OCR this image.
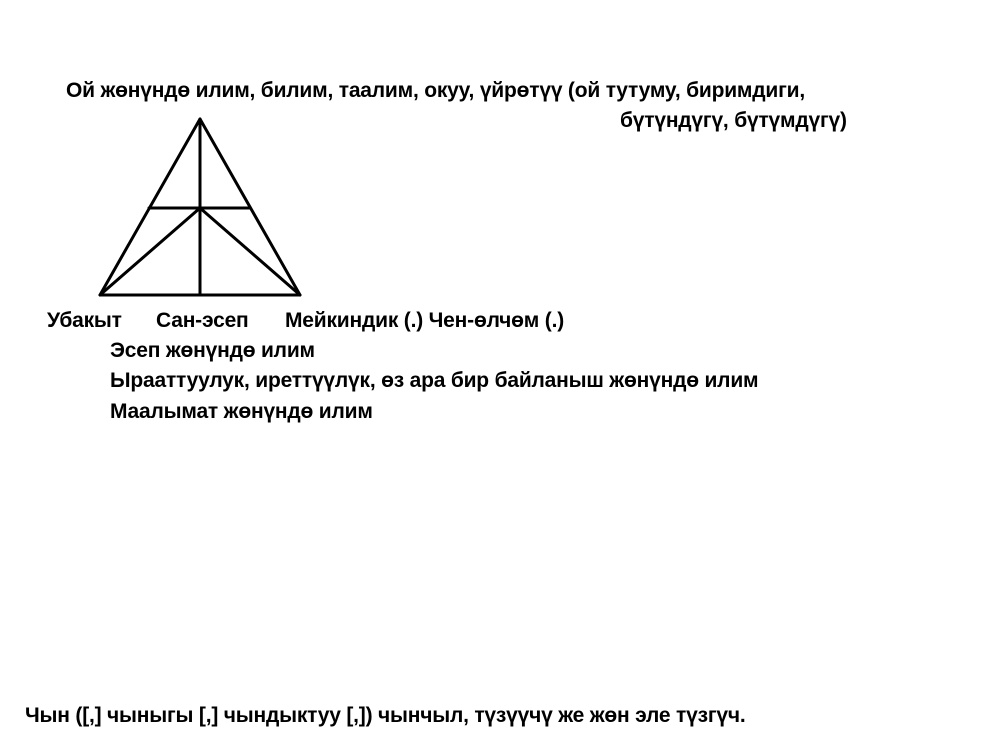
Ой жөнүндө илим, билим, таалим, окуу, үйрөтүү (ой тутуму, биримдиги,
бүтүндүгү, бүтүмдүгү)
Убакыт Сан-эсеп Мейкиндик (.) Чен-өлчөм (.)
Эсеп жөнүндө илим
Ырааттуулук, иреттүүлүк, өз ара бир байланыш жөнүндө илим
Маалымат жөнүндө илим
Чын ([,] чыныгы [,] чындыктуу [,]) чынчыл, түзүүчү же жөн эле түзгүч.
